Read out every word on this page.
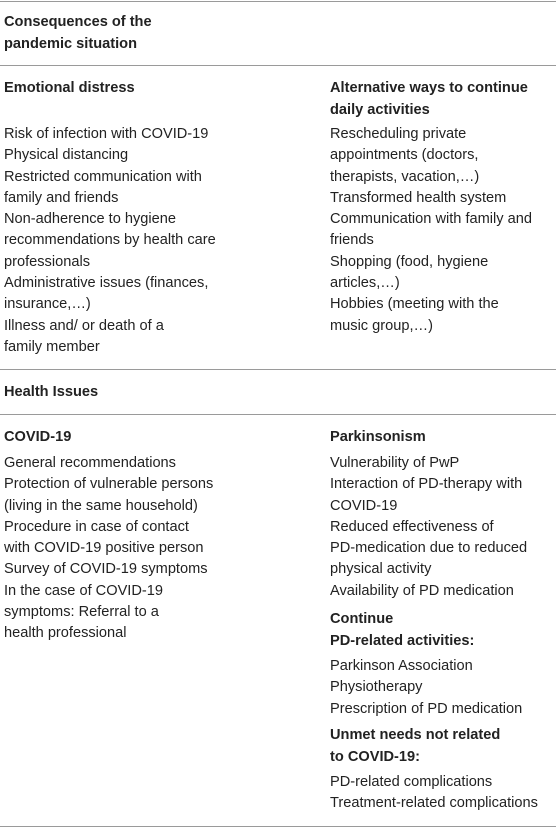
Consequences of the
pandemic situation
Emotional distress	Alternative ways to continue
daily activities
Risk of infection with COVID-19
Physical distancing
Restricted communication with
family and friends
Non-adherence to hygiene
recommendations by health care
professionals
Administrative issues (finances,
insurance,…)
Illness and/ or death of a
family member
Rescheduling private
appointments (doctors,
therapists, vacation,…)
Transformed health system
Communication with family and
friends
Shopping (food, hygiene
articles,…)
Hobbies (meeting with the
music group,…)
Health Issues
COVID-19	Parkinsonism
General recommendations
Protection of vulnerable persons
(living in the same household)
Procedure in case of contact
with COVID-19 positive person
Survey of COVID-19 symptoms
In the case of COVID-19
symptoms: Referral to a
health professional
Vulnerability of PwP
Interaction of PD-therapy with
COVID-19
Reduced effectiveness of
PD-medication due to reduced
physical activity
Availability of PD medication
Continue
PD-related activities:
Parkinson Association
Physiotherapy
Prescription of PD medication
Unmet needs not related
to COVID-19:
PD-related complications
Treatment-related complications
